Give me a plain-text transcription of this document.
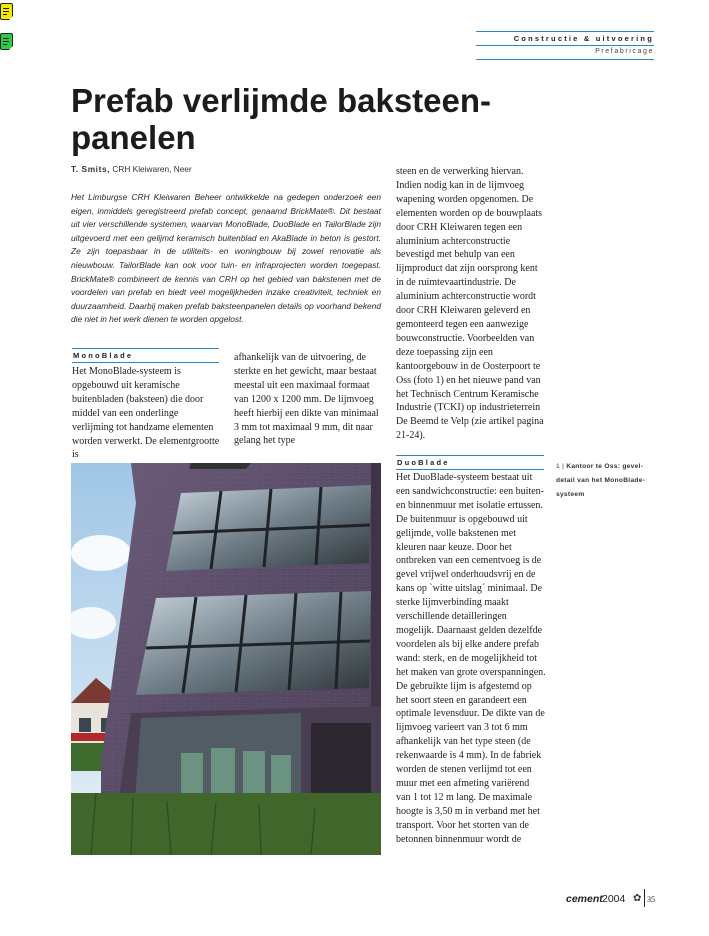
Constructie & uitvoering
Prefabricage
Prefab verlijmde baksteen-panelen
T. Smits, CRH Kleiwaren, Neer

Het Limburgse CRH Kleiwaren Beheer ontwikkelde na gedegen onderzoek een eigen, inmiddels geregistreerd prefab concept, genaamd BrickMate®. Dit bestaat uit vier verschillende systemen, waarvan MonoBlade, DuoBlade en TailorBlade zijn uitgevoerd met een gelijmd keramisch buitenblad en AkaBlade in beton is gestort. Ze zijn toepasbaar in de utiliteits- en woningbouw bij zowel renovatie als nieuwbouw. TailorBlade kan ook voor tuin- en infraprojecten worden toegepast. BrickMate® combineert de kennis van CRH op het gebied van bakstenen met de voordelen van prefab en biedt veel mogelijkheden inzake creativiteit, techniek en duurzaamheid. Daarbij maken prefab baksteenpanelen details op voorhand bekend die niet in het werk dienen te worden opgelost.

MonoBlade

Het MonoBlade-systeem is opgebouwd uit keramische buitenbladen (baksteen) die door middel van een onderlinge verlijming tot handzame elementen worden verwerkt. De elementgrootte is

afhankelijk van de uitvoering, de sterkte en het gewicht, maar bestaat meestal uit een maximaal formaat van 1200 x 1200 mm. De lijmvoeg heeft hierbij een dikte van minimaal 3 mm tot maximaal 9 mm, dit naar gelang het type

steen en de verwerking hiervan. Indien nodig kan in de lijmvoeg wapening worden opgenomen. De elementen worden op de bouwplaats door CRH Kleiwaren tegen een aluminium achterconstructie bevestigd met behulp van een lijmproduct dat zijn oorsprong kent in de ruimtevaartindustrie. De aluminium achterconstructie wordt door CRH Kleiwaren geleverd en gemonteerd tegen een aanwezige bouwconstructie. Voorbeelden van deze toepassing zijn een kantoorgebouw in de Oosterpoort te Oss (foto 1) en het nieuwe pand van het Technisch Centrum Keramische Industrie (TCKI) op industrieterrein De Beemd te Velp (zie artikel pagina 21-24).

DuoBlade

Het DuoBlade-systeem bestaat uit een sandwichconstructie: een buiten- en binnenmuur met isolatie ertussen. De buitenmuur is opgebouwd uit gelijmde, volle bakstenen met kleuren naar keuze. Door het ontbreken van een cementvoeg is de gevel vrijwel onderhoudsvrij en de kans op `witte uitslag´ minimaal. De sterke lijmverbinding maakt verschillende detailleringen mogelijk. Daarnaast gelden dezelfde voordelen als bij elke andere prefab wand: sterk, en de mogelijkheid tot het maken van grote overspanningen. De gebruikte lijm is afgestemd op het soort steen en garandeert een optimale levensduur. De dikte van de lijmvoeg varieert van 3 tot 6 mm afhankelijk van het type steen (de rekenwaarde is 4 mm). In de fabriek worden de stenen verlijmd tot een muur met een afmeting variërend van 1 tot 12 m lang. De maximale hoogte is 3,50 m in verband met het transport. Voor het storten van de betonnen binnenmuur wordt de

1 | Kantoor te Oss: geveldetail van het MonoBlade-systeem
cement 2004 ✿ 35
